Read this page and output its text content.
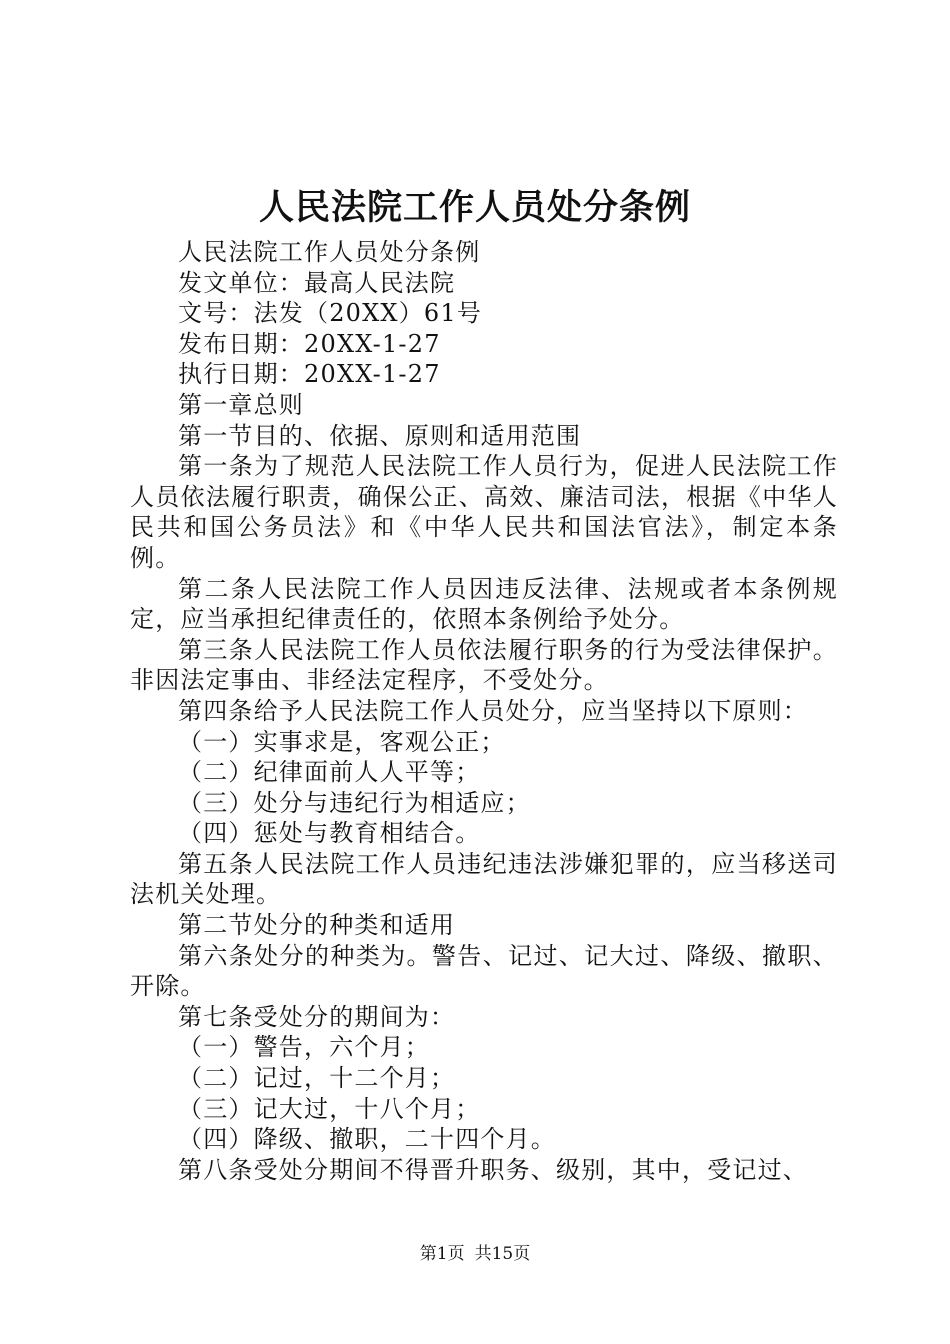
人民法院工作人员处分条例

人民法院工作人员处分条例

发文单位：最高人民法院

文号：法发（20XX）61号

发布日期：20XX-1-27

执行日期：20XX-1-27

第一章总则

第一节目的、依据、原则和适用范围

第一条为了规范人民法院工作人员行为，促进人民法院工作人员依法履行职责，确保公正、高效、廉洁司法，根据《中华人民共和国公务员法》和《中华人民共和国法官法》，制定本条例。

第二条人民法院工作人员因违反法律、法规或者本条例规定，应当承担纪律责任的，依照本条例给予处分。

第三条人民法院工作人员依法履行职务的行为受法律保护。非因法定事由、非经法定程序，不受处分。

第四条给予人民法院工作人员处分，应当坚持以下原则：

（一）实事求是，客观公正；

（二）纪律面前人人平等；

（三）处分与违纪行为相适应；

（四）惩处与教育相结合。

第五条人民法院工作人员违纪违法涉嫌犯罪的，应当移送司法机关处理。

第二节处分的种类和适用

第六条处分的种类为。警告、记过、记大过、降级、撤职、开除。

第七条受处分的期间为：

（一）警告，六个月；

（二）记过，十二个月；

（三）记大过，十八个月；

（四）降级、撤职，二十四个月。

第八条受处分期间不得晋升职务、级别，其中，受记过、

第1页 共15页
